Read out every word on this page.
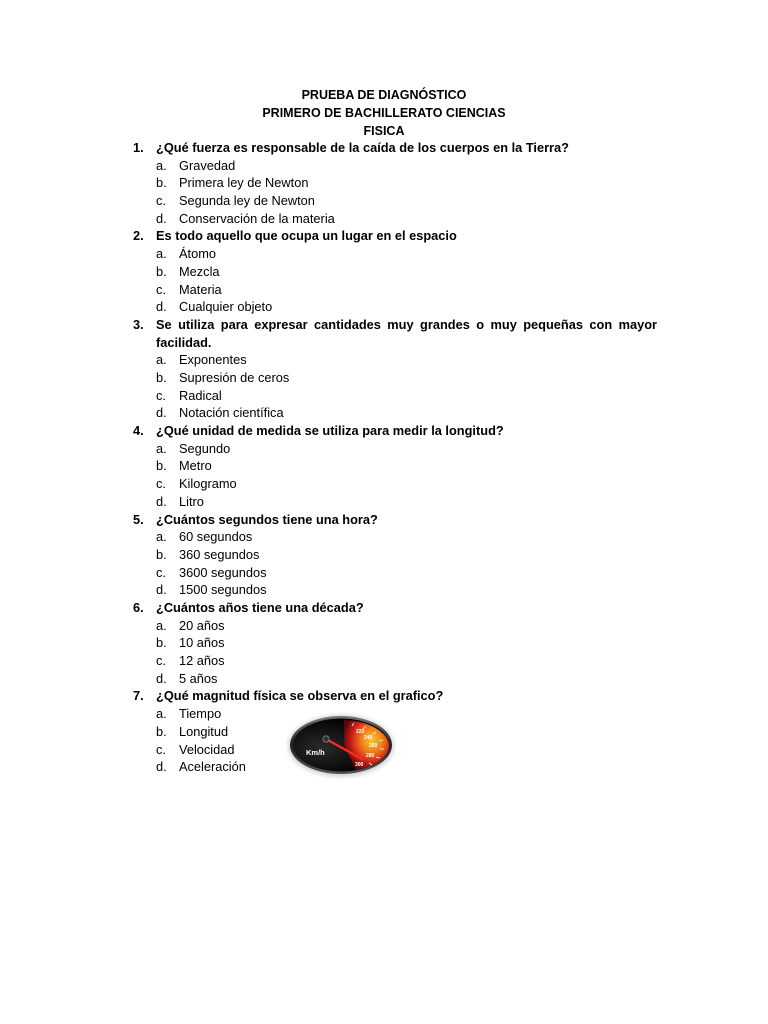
PRUEBA DE DIAGNÓSTICO
PRIMERO DE BACHILLERATO CIENCIAS
FISICA
1. ¿Qué fuerza es responsable de la caída de los cuerpos en la Tierra?
a. Gravedad
b. Primera ley de Newton
c. Segunda ley de Newton
d. Conservación de la materia
2. Es todo aquello que ocupa un lugar en el espacio
a. Átomo
b. Mezcla
c. Materia
d. Cualquier objeto
3. Se utiliza para expresar cantidades muy grandes o muy pequeñas con mayor facilidad.
a. Exponentes
b. Supresión de ceros
c. Radical
d. Notación científica
4. ¿Qué unidad de medida se utiliza para medir la longitud?
a. Segundo
b. Metro
c. Kilogramo
d. Litro
5. ¿Cuántos segundos tiene una hora?
a. 60 segundos
b. 360 segundos
c. 3600 segundos
d. 1500 segundos
6. ¿Cuántos años tiene una década?
a. 20 años
b. 10 años
c. 12 años
d. 5 años
7. ¿Qué magnitud física se observa en el grafico?
a. Tiempo
b. Longitud
c. Velocidad
d. Aceleración
220
240
260
280
300
Km/h
